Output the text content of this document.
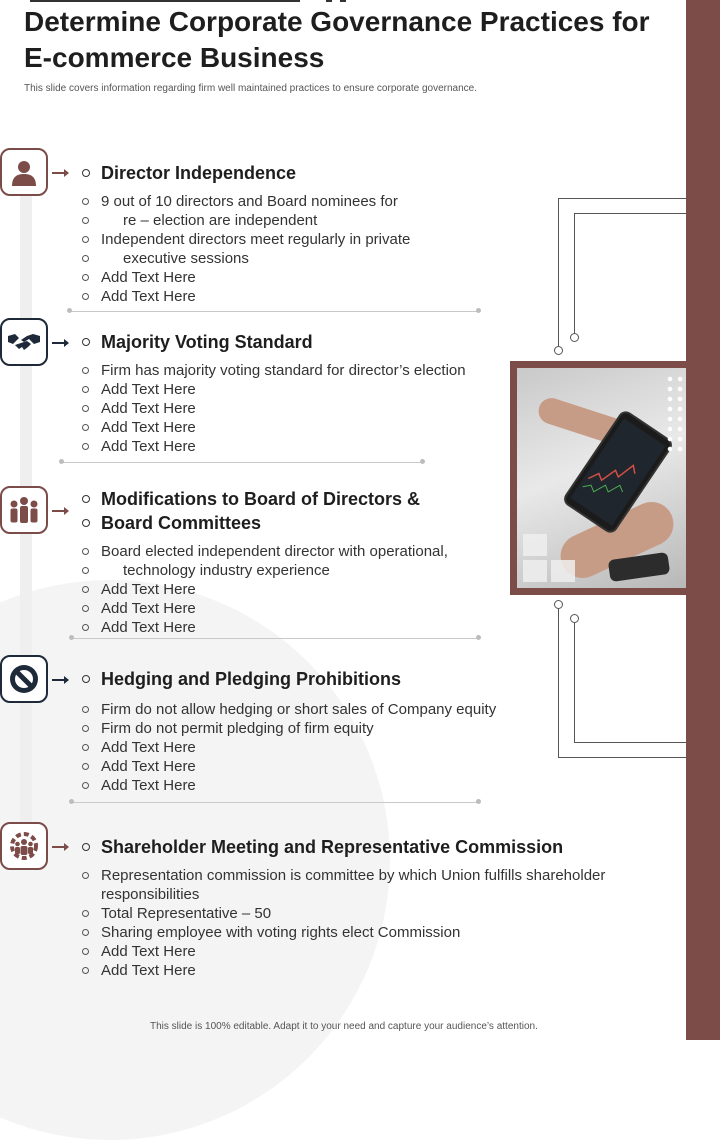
Determine Corporate Governance Practices for E-commerce Business
This slide covers information regarding firm well maintained practices to ensure corporate governance.
Director Independence
9 out of 10 directors and Board nominees for
re – election are independent
Independent directors meet regularly in private
executive sessions
Add Text Here
Add Text Here
Majority Voting Standard
Firm has majority voting standard for director’s election
Add Text Here
Add Text Here
Add Text Here
Add Text Here
Modifications to Board of Directors &
Board Committees
Board elected independent director with operational,
technology industry experience
Add Text Here
Add Text Here
Add Text Here
Hedging and Pledging Prohibitions
Firm do not allow hedging or short sales of Company equity
Firm do not permit pledging of firm equity
Add Text Here
Add Text Here
Add Text Here
Shareholder Meeting and Representative Commission
Representation commission is committee by which Union fulfills shareholder
responsibilities
Total Representative – 50
Sharing employee with voting rights elect Commission
Add Text Here
Add Text Here
This slide is 100% editable. Adapt it to your need and capture your audience’s attention.
